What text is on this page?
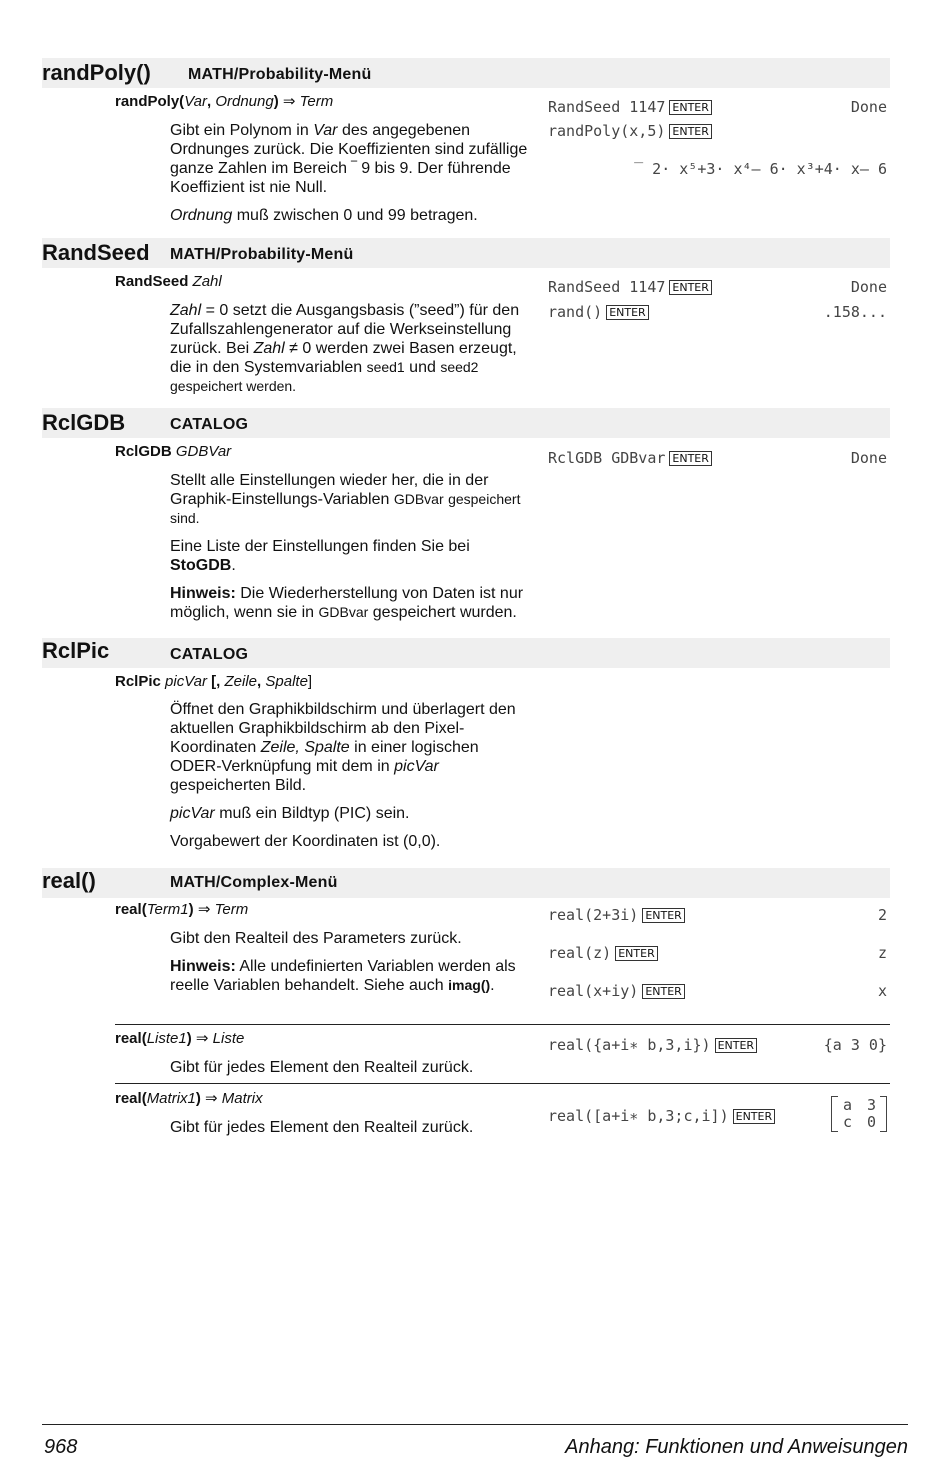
randPoly() MATH/Probability-Menü
randPoly(Var, Ordnung) ⇒ Term

Gibt ein Polynom in Var des angegebenen Ordnunges zurück. Die Koeffizienten sind zufällige ganze Zahlen im Bereich ‾ 9 bis 9. Der führende Koeffizient ist nie Null.

Ordnung muß zwischen 0 und 99 betragen.

RandSeed 1147 ENTER	Done
randPoly(x,5) ENTER
‾ 2· x⁵+3· x⁴– 6· x³+4· x– 6
RandSeed MATH/Probability-Menü
RandSeed Zahl

Zahl = 0 setzt die Ausgangsbasis (”seed”) für den Zufallszahlengenerator auf die Werkseinstellung zurück. Bei Zahl ≠ 0 werden zwei Basen erzeugt, die in den Systemvariablen seed1 und seed2 gespeichert werden.

RandSeed 1147 ENTER	Done
rand() ENTER	.158...
RclGDB	CATALOG
RclGDB GDBVar

Stellt alle Einstellungen wieder her, die in der Graphik-Einstellungs-Variablen GDBvar gespeichert sind.

Eine Liste der Einstellungen finden Sie bei StoGDB.

Hinweis: Die Wiederherstellung von Daten ist nur möglich, wenn sie in GDBvar gespeichert wurden.

RclGDB GDBvar ENTER	Done
RclPic	CATALOG
RclPic picVar [, Zeile, Spalte]

Öffnet den Graphikbildschirm und überlagert den aktuellen Graphikbildschirm ab den Pixel-Koordinaten Zeile, Spalte in einer logischen ODER-Verknüpfung mit dem in picVar gespeicherten Bild.

picVar muß ein Bildtyp (PIC) sein.

Vorgabewert der Koordinaten ist (0,0).

real()	MATH/Complex-Menü
real(Term1) ⇒ Term

Gibt den Realteil des Parameters zurück.

Hinweis: Alle undefinierten Variablen werden als reelle Variablen behandelt. Siehe auch imag().

real(2+3i) ENTER	2
real(z) ENTER	z
real(x+iy) ENTER	x
real(Liste1) ⇒ Liste

Gibt für jedes Element den Realteil zurück.

real({a+i∗ b,3,i}) ENTER	{a 3 0}
real(Matrix1) ⇒ Matrix

Gibt für jedes Element den Realteil zurück.

real([a+i∗ b,3;c,i]) ENTER
a 3
c 0
968	Anhang: Funktionen und Anweisungen
